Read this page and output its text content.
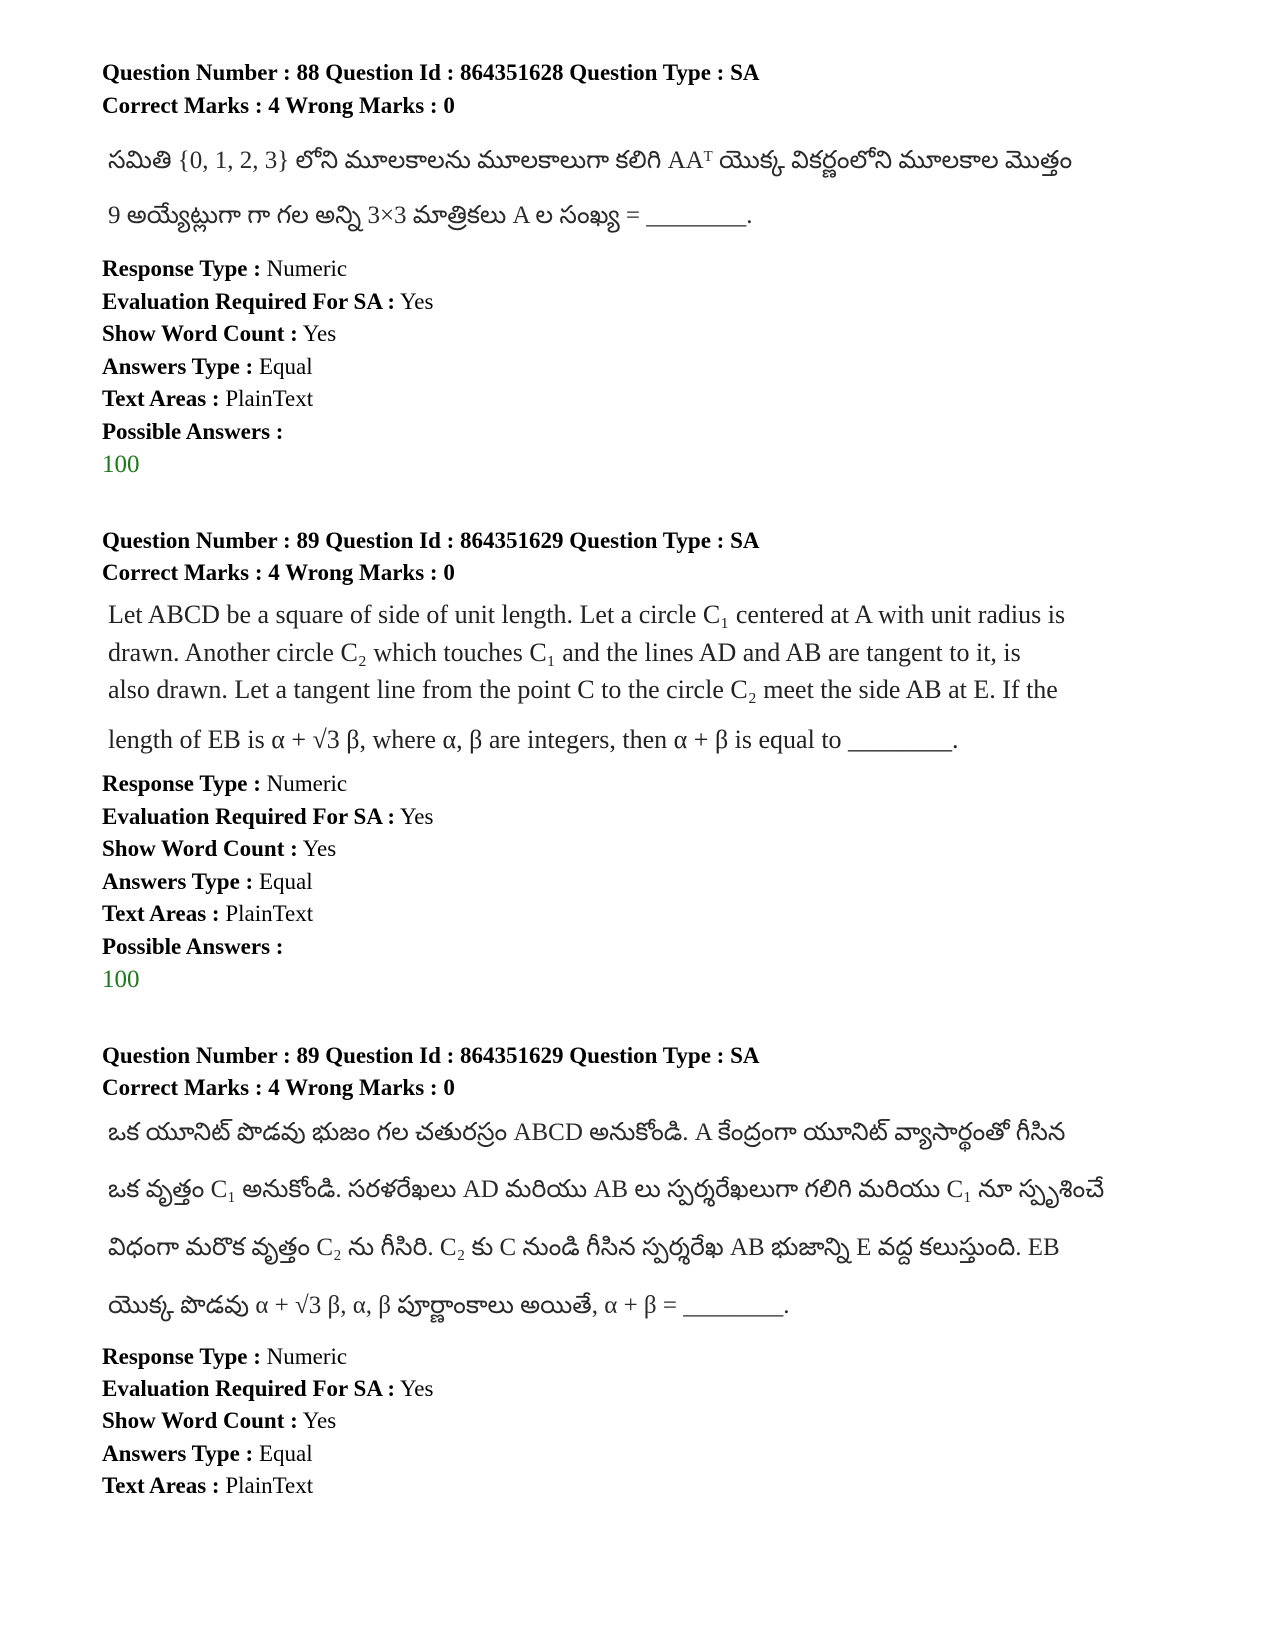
Question Number : 88 Question Id : 864351628 Question Type : SA
Correct Marks : 4 Wrong Marks : 0
సమితి {0, 1, 2, 3} లోని మూలకాలను మూలకాలుగా కలిగి AAᵀ యొక్క వికర్ణంలోని మూలకాల మొత్తం
9 అయ్యేట్లుగా గా గల అన్ని 3×3 మాత్రికలు A ల సంఖ్య = ________.
Response Type : Numeric
Evaluation Required For SA : Yes
Show Word Count : Yes
Answers Type : Equal
Text Areas : PlainText
Possible Answers :
100
Question Number : 89 Question Id : 864351629 Question Type : SA
Correct Marks : 4 Wrong Marks : 0
Let ABCD be a square of side of unit length. Let a circle C₁ centered at A with unit radius is
drawn. Another circle C₂ which touches C₁ and the lines AD and AB are tangent to it, is
also drawn. Let a tangent line from the point C to the circle C₂ meet the side AB at E. If the
length of EB is α + √3 β, where α, β are integers, then α + β is equal to ________.
Response Type : Numeric
Evaluation Required For SA : Yes
Show Word Count : Yes
Answers Type : Equal
Text Areas : PlainText
Possible Answers :
100
Question Number : 89 Question Id : 864351629 Question Type : SA
Correct Marks : 4 Wrong Marks : 0
ఒక యూనిట్ పొడవు భుజం గల చతురస్రం ABCD అనుకోండి. A కేంద్రంగా యూనిట్ వ్యాసార్థంతో గీసిన
ఒక వృత్తం C₁ అనుకోండి. సరళరేఖలు AD మరియు AB లు స్పర్శరేఖలుగా గలిగి మరియు C₁ నూ స్పృశించే
విధంగా మరొక వృత్తం C₂ ను గీసిరి. C₂ కు C నుండి గీసిన స్పర్శరేఖ AB భుజాన్ని E వద్ద కలుస్తుంది. EB
యొక్క పొడవు α + √3 β, α, β పూర్ణాంకాలు అయితే, α + β = ________.
Response Type : Numeric
Evaluation Required For SA : Yes
Show Word Count : Yes
Answers Type : Equal
Text Areas : PlainText
